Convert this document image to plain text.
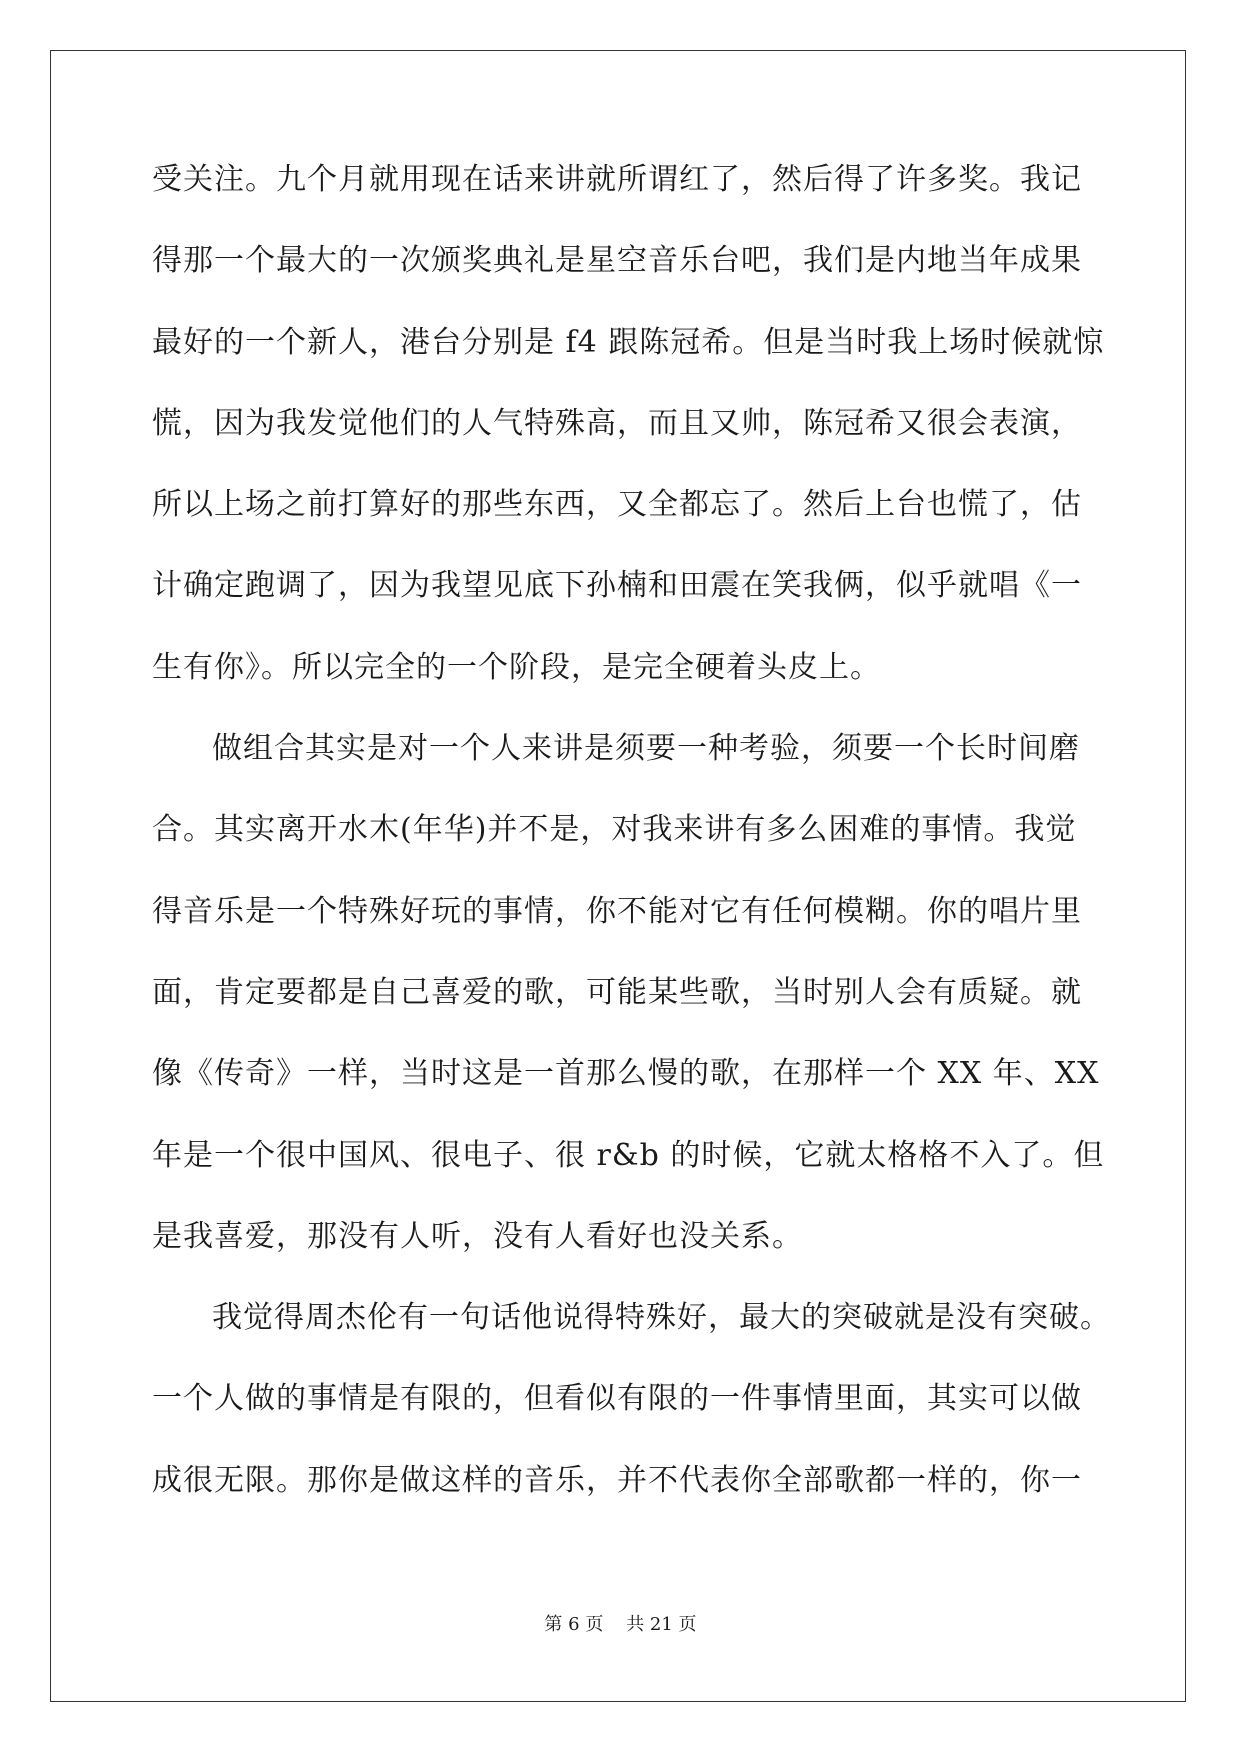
受关注。九个月就用现在话来讲就所谓红了，然后得了许多奖。我记
得那一个最大的一次颁奖典礼是星空音乐台吧，我们是内地当年成果
最好的一个新人，港台分别是 f4 跟陈冠希。但是当时我上场时候就惊
慌，因为我发觉他们的人气特殊高，而且又帅，陈冠希又很会表演，
所以上场之前打算好的那些东西，又全都忘了。然后上台也慌了，估
计确定跑调了，因为我望见底下孙楠和田震在笑我俩，似乎就唱《一
生有你》。所以完全的一个阶段，是完全硬着头皮上。
做组合其实是对一个人来讲是须要一种考验，须要一个长时间磨
合。其实离开水木(年华)并不是，对我来讲有多么困难的事情。我觉
得音乐是一个特殊好玩的事情，你不能对它有任何模糊。你的唱片里
面，肯定要都是自己喜爱的歌，可能某些歌，当时别人会有质疑。就
像《传奇》一样，当时这是一首那么慢的歌，在那样一个 XX 年、XX
年是一个很中国风、很电子、很 r&b 的时候，它就太格格不入了。但
是我喜爱，那没有人听，没有人看好也没关系。
我觉得周杰伦有一句话他说得特殊好，最大的突破就是没有突破。
一个人做的事情是有限的，但看似有限的一件事情里面，其实可以做
成很无限。那你是做这样的音乐，并不代表你全部歌都一样的，你一
第 6 页    共 21 页
